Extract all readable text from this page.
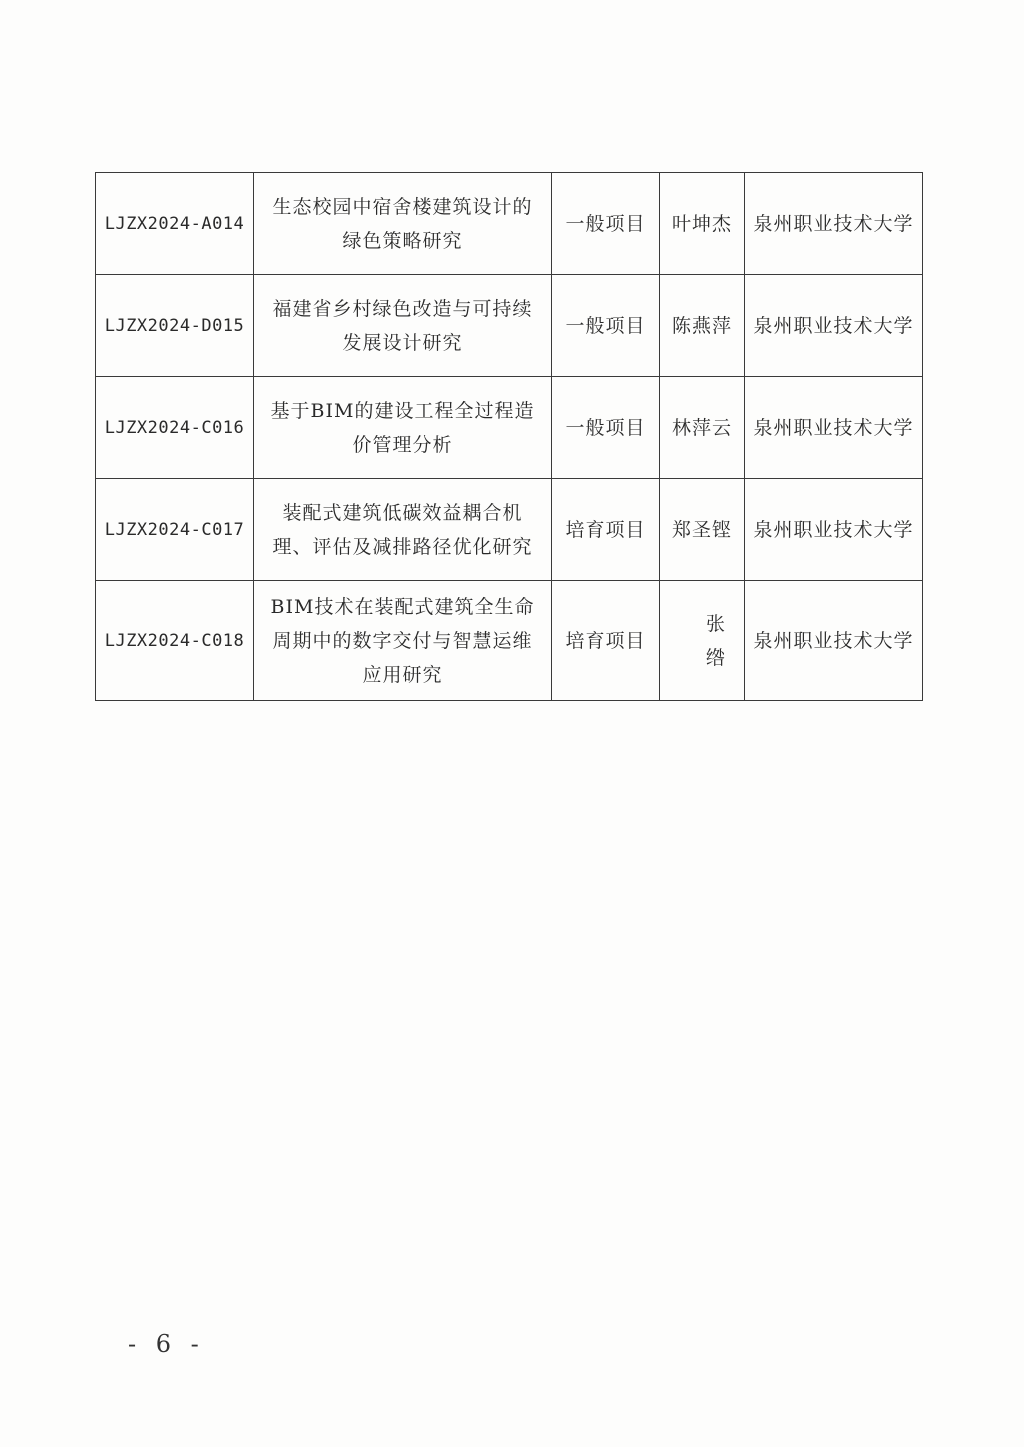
LJZX2024-A014	生态校园中宿舍楼建筑设计的绿色策略研究	一般项目	叶坤杰	泉州职业技术大学
LJZX2024-D015	福建省乡村绿色改造与可持续发展设计研究	一般项目	陈燕萍	泉州职业技术大学
LJZX2024-C016	基于BIM的建设工程全过程造价管理分析	一般项目	林萍云	泉州职业技术大学
LJZX2024-C017	装配式建筑低碳效益耦合机理、评估及减排路径优化研究	培育项目	郑圣铿	泉州职业技术大学
LJZX2024-C018	BIM技术在装配式建筑全生命周期中的数字交付与智慧运维应用研究	培育项目	张 绺	泉州职业技术大学
- 6 -
